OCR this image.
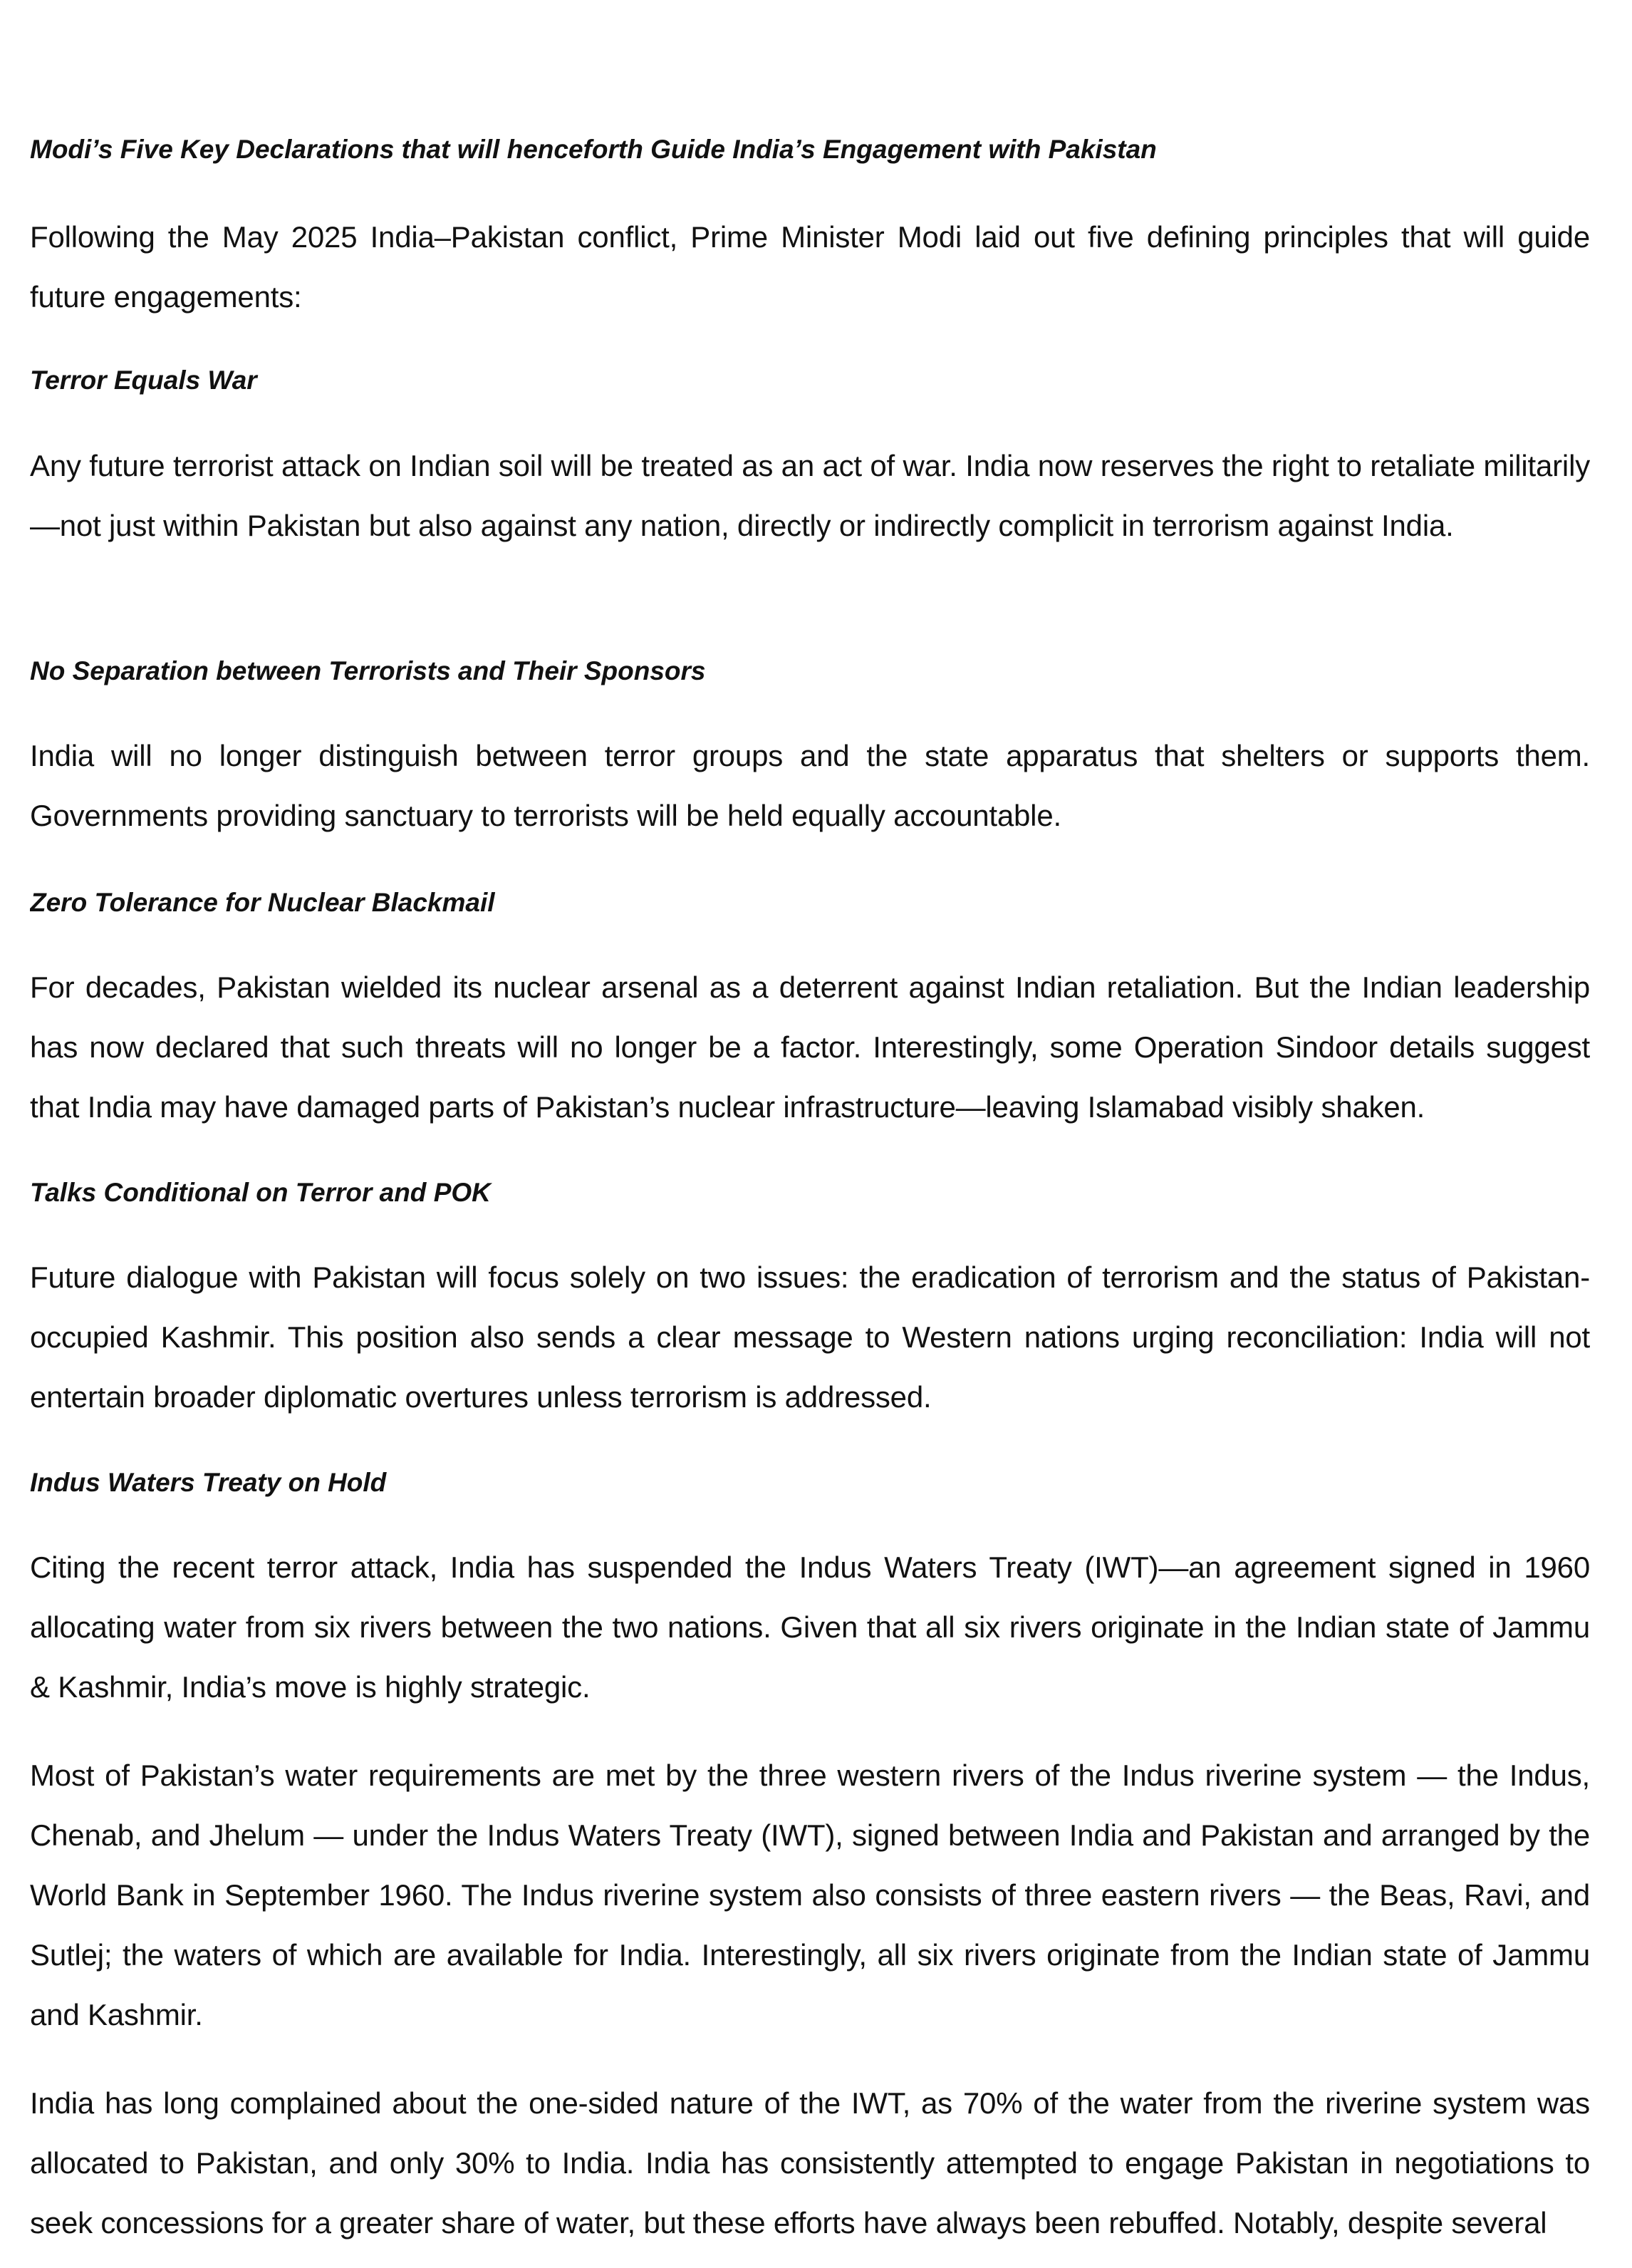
Modi’s Five Key Declarations that will henceforth Guide India’s Engagement with Pakistan

Following the May 2025 India–Pakistan conflict, Prime Minister Modi laid out five defining principles that will guide future engagements:

Terror Equals War

Any future terrorist attack on Indian soil will be treated as an act of war. India now reserves the right to retaliate militarily—not just within Pakistan but also against any nation, directly or indirectly complicit in terrorism against India.

No Separation between Terrorists and Their Sponsors

India will no longer distinguish between terror groups and the state apparatus that shelters or supports them. Governments providing sanctuary to terrorists will be held equally accountable.

Zero Tolerance for Nuclear Blackmail

For decades, Pakistan wielded its nuclear arsenal as a deterrent against Indian retaliation. But the Indian leadership has now declared that such threats will no longer be a factor. Interestingly, some Operation Sindoor details suggest that India may have damaged parts of Pakistan’s nuclear infrastructure—leaving Islamabad visibly shaken.

Talks Conditional on Terror and POK

Future dialogue with Pakistan will focus solely on two issues: the eradication of terrorism and the status of Pakistan-occupied Kashmir. This position also sends a clear message to Western nations urging reconciliation: India will not entertain broader diplomatic overtures unless terrorism is addressed.

Indus Waters Treaty on Hold

Citing the recent terror attack, India has suspended the Indus Waters Treaty (IWT)—an agreement signed in 1960 allocating water from six rivers between the two nations. Given that all six rivers originate in the Indian state of Jammu & Kashmir, India’s move is highly strategic.

Most of Pakistan’s water requirements are met by the three western rivers of the Indus riverine system — the Indus, Chenab, and Jhelum — under the Indus Waters Treaty (IWT), signed between India and Pakistan and arranged by the World Bank in September 1960. The Indus riverine system also consists of three eastern rivers — the Beas, Ravi, and Sutlej; the waters of which are available for India. Interestingly, all six rivers originate from the Indian state of Jammu and Kashmir.

India has long complained about the one-sided nature of the IWT, as 70% of the water from the riverine system was allocated to Pakistan, and only 30% to India. India has consistently attempted to engage Pakistan in negotiations to seek concessions for a greater share of water, but these efforts have always been rebuffed. Notably, despite several
